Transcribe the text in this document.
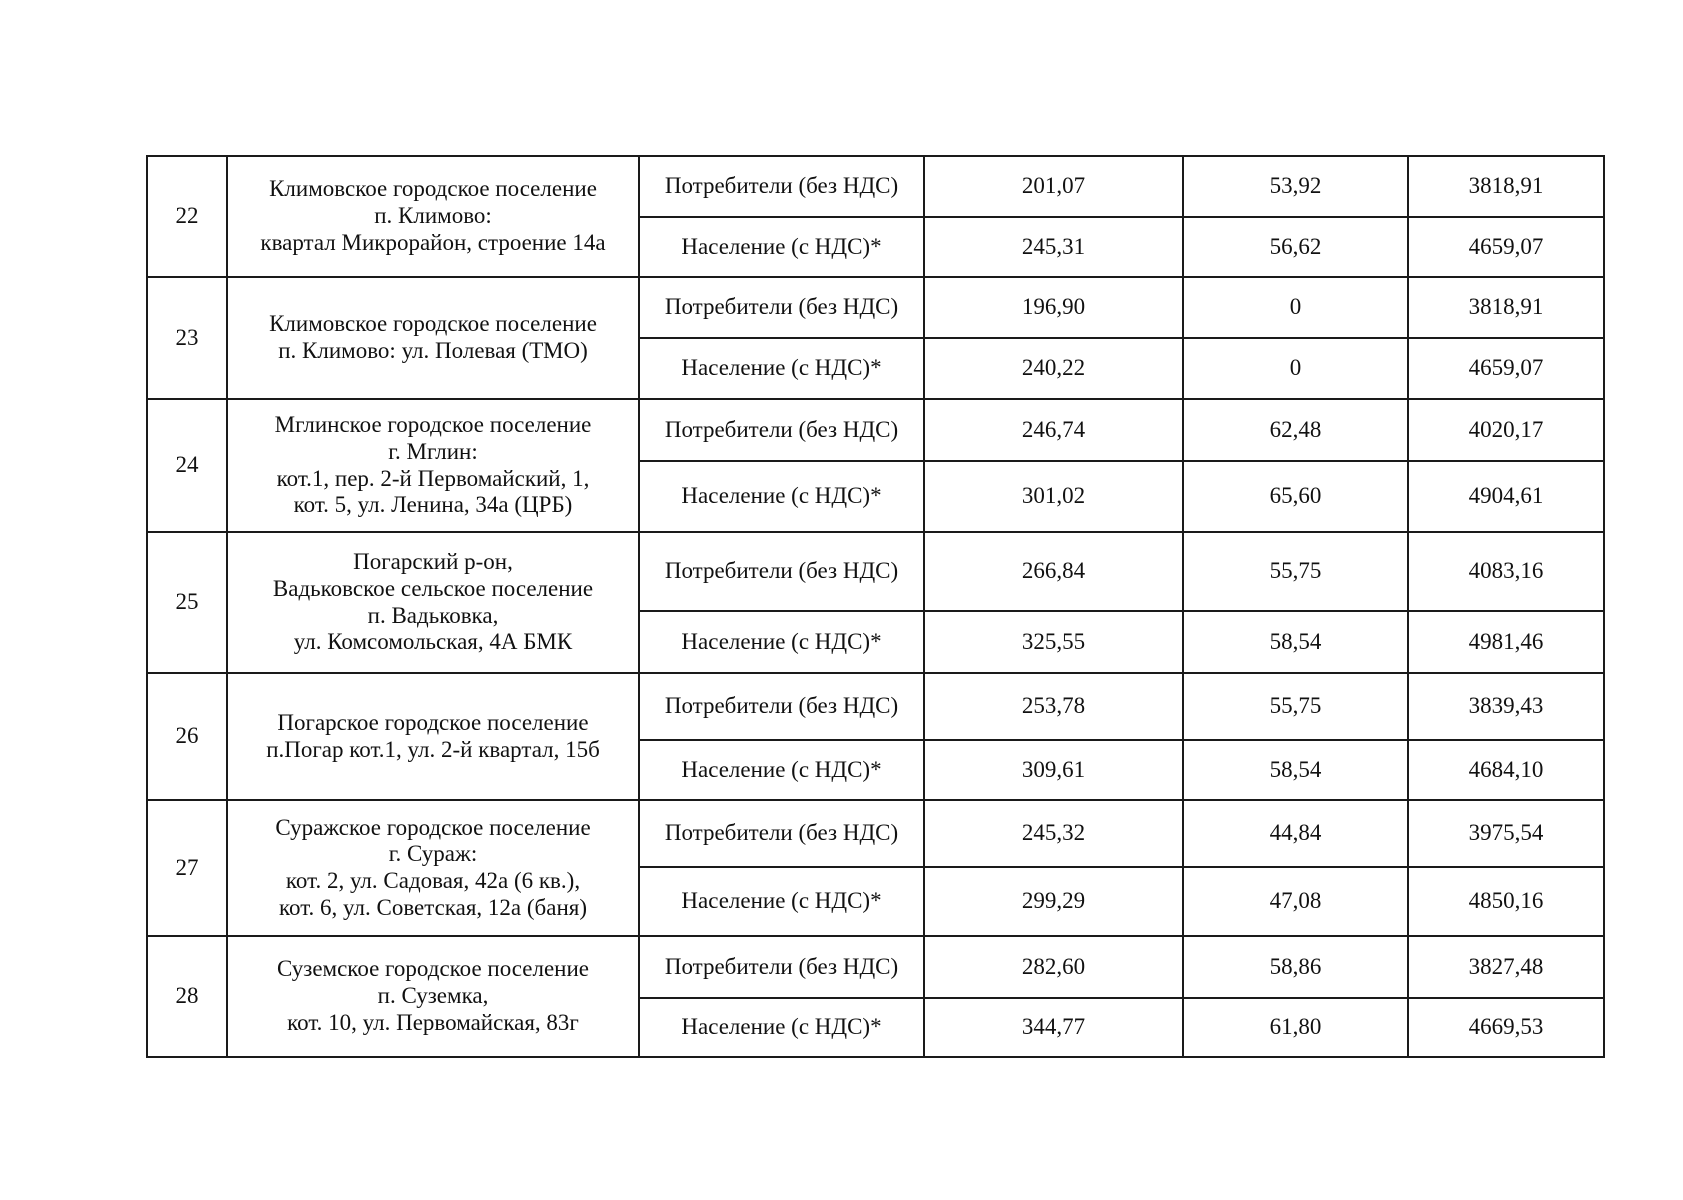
22	Климовское городское поселение
п. Климово:
квартал Микрорайон, строение 14а	Потребители (без НДС)	201,07	53,92	3818,91
		Население (с НДС)*	245,31	56,62	4659,07
23	Климовское городское поселение
п. Климово: ул. Полевая (ТМО)	Потребители (без НДС)	196,90	0	3818,91
		Население (с НДС)*	240,22	0	4659,07
24	Мглинское городское поселение
г. Мглин:
кот.1, пер. 2-й Первомайский, 1,
кот. 5, ул. Ленина, 34а (ЦРБ)	Потребители (без НДС)	246,74	62,48	4020,17
		Население (с НДС)*	301,02	65,60	4904,61
25	Погарский р-он,
Вадьковское сельское поселение
п. Вадьковка,
ул. Комсомольская, 4А БМК	Потребители (без НДС)	266,84	55,75	4083,16
		Население (с НДС)*	325,55	58,54	4981,46
26	Погарское городское поселение
п.Погар кот.1, ул. 2-й квартал, 15б	Потребители (без НДС)	253,78	55,75	3839,43
		Население (с НДС)*	309,61	58,54	4684,10
27	Суражское городское поселение
г. Сураж:
кот. 2, ул. Садовая, 42а (6 кв.),
кот. 6, ул. Советская, 12а (баня)	Потребители (без НДС)	245,32	44,84	3975,54
		Население (с НДС)*	299,29	47,08	4850,16
28	Суземское городское поселение
п. Суземка,
кот. 10, ул. Первомайская, 83г	Потребители (без НДС)	282,60	58,86	3827,48
		Население (с НДС)*	344,77	61,80	4669,53
